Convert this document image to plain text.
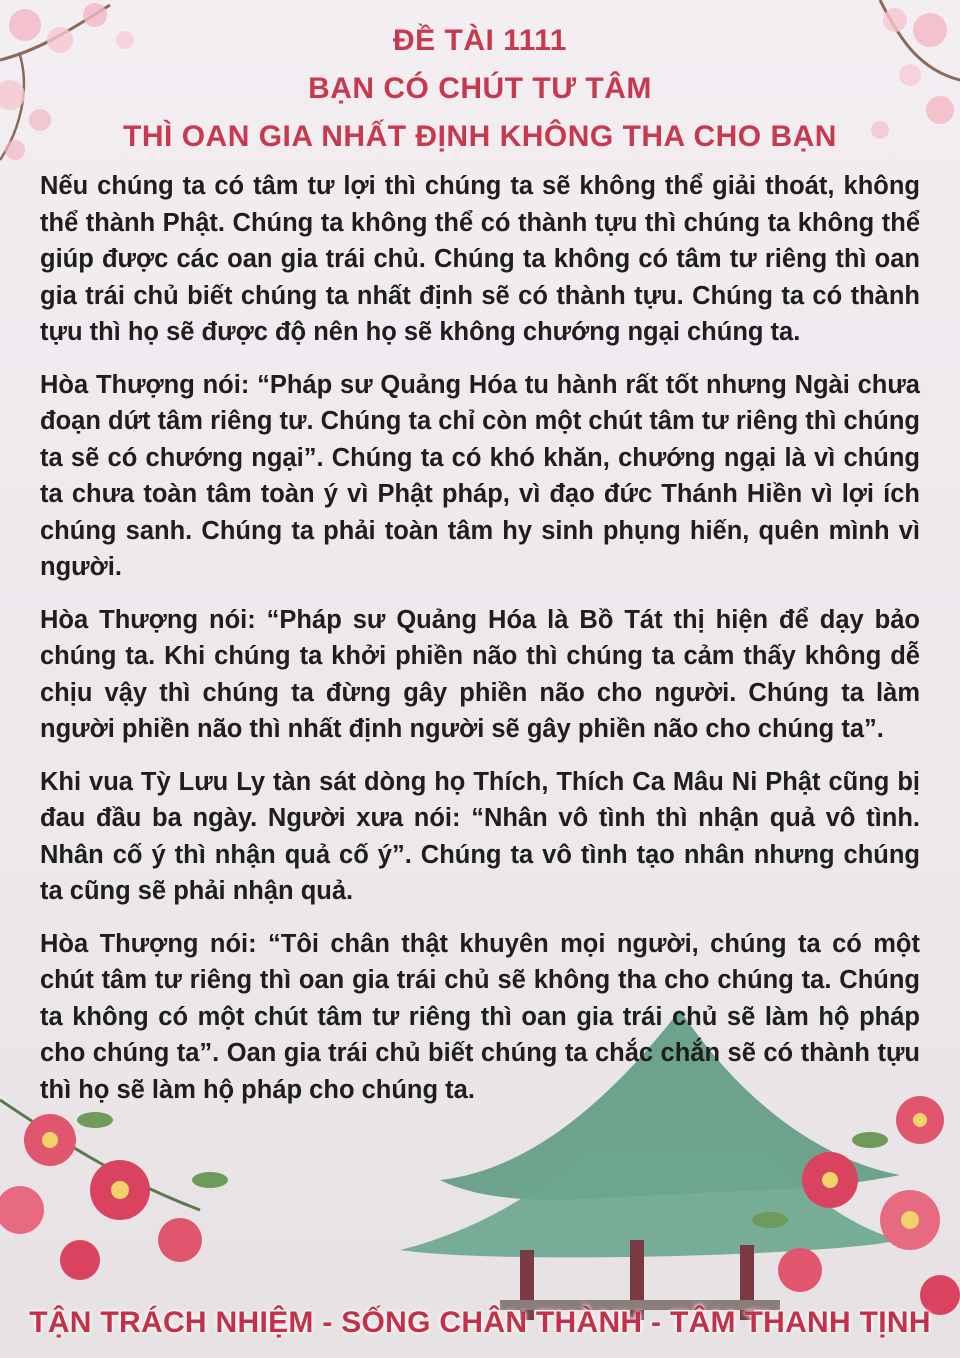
ĐỀ TÀI 1111
BẠN CÓ CHÚT TƯ TÂM
THÌ OAN GIA NHẤT ĐỊNH KHÔNG THA CHO BẠN

Nếu chúng ta có tâm tư lợi thì chúng ta sẽ không thể giải thoát, không thể thành Phật. Chúng ta không thể có thành tựu thì chúng ta không thể giúp được các oan gia trái chủ. Chúng ta không có tâm tư riêng thì oan gia trái chủ biết chúng ta nhất định sẽ có thành tựu. Chúng ta có thành tựu thì họ sẽ được độ nên họ sẽ không chướng ngại chúng ta.

Hòa Thượng nói: “Pháp sư Quảng Hóa tu hành rất tốt nhưng Ngài chưa đoạn dứt tâm riêng tư. Chúng ta chỉ còn một chút tâm tư riêng thì chúng ta sẽ có chướng ngại”. Chúng ta có khó khăn, chướng ngại là vì chúng ta chưa toàn tâm toàn ý vì Phật pháp, vì đạo đức Thánh Hiền vì lợi ích chúng sanh. Chúng ta phải toàn tâm hy sinh phụng hiến, quên mình vì người.

Hòa Thượng nói: “Pháp sư Quảng Hóa là Bồ Tát thị hiện để dạy bảo chúng ta. Khi chúng ta khởi phiền não thì chúng ta cảm thấy không dễ chịu vậy thì chúng ta đừng gây phiền não cho người. Chúng ta làm người phiền não thì nhất định người sẽ gây phiền não cho chúng ta”.

Khi vua Tỳ Lưu Ly tàn sát dòng họ Thích, Thích Ca Mâu Ni Phật cũng bị đau đầu ba ngày. Người xưa nói: “Nhân vô tình thì nhận quả vô tình. Nhân cố ý thì nhận quả cố ý”. Chúng ta vô tình tạo nhân nhưng chúng ta cũng sẽ phải nhận quả.

Hòa Thượng nói: “Tôi chân thật khuyên mọi người, chúng ta có một chút tâm tư riêng thì oan gia trái chủ sẽ không tha cho chúng ta. Chúng ta không có một chút tâm tư riêng thì oan gia trái chủ sẽ làm hộ pháp cho chúng ta”. Oan gia trái chủ biết chúng ta chắc chắn sẽ có thành tựu thì họ sẽ làm hộ pháp cho chúng ta.

TẬN TRÁCH NHIỆM - SỐNG CHÂN THÀNH - TÂM THANH TỊNH
